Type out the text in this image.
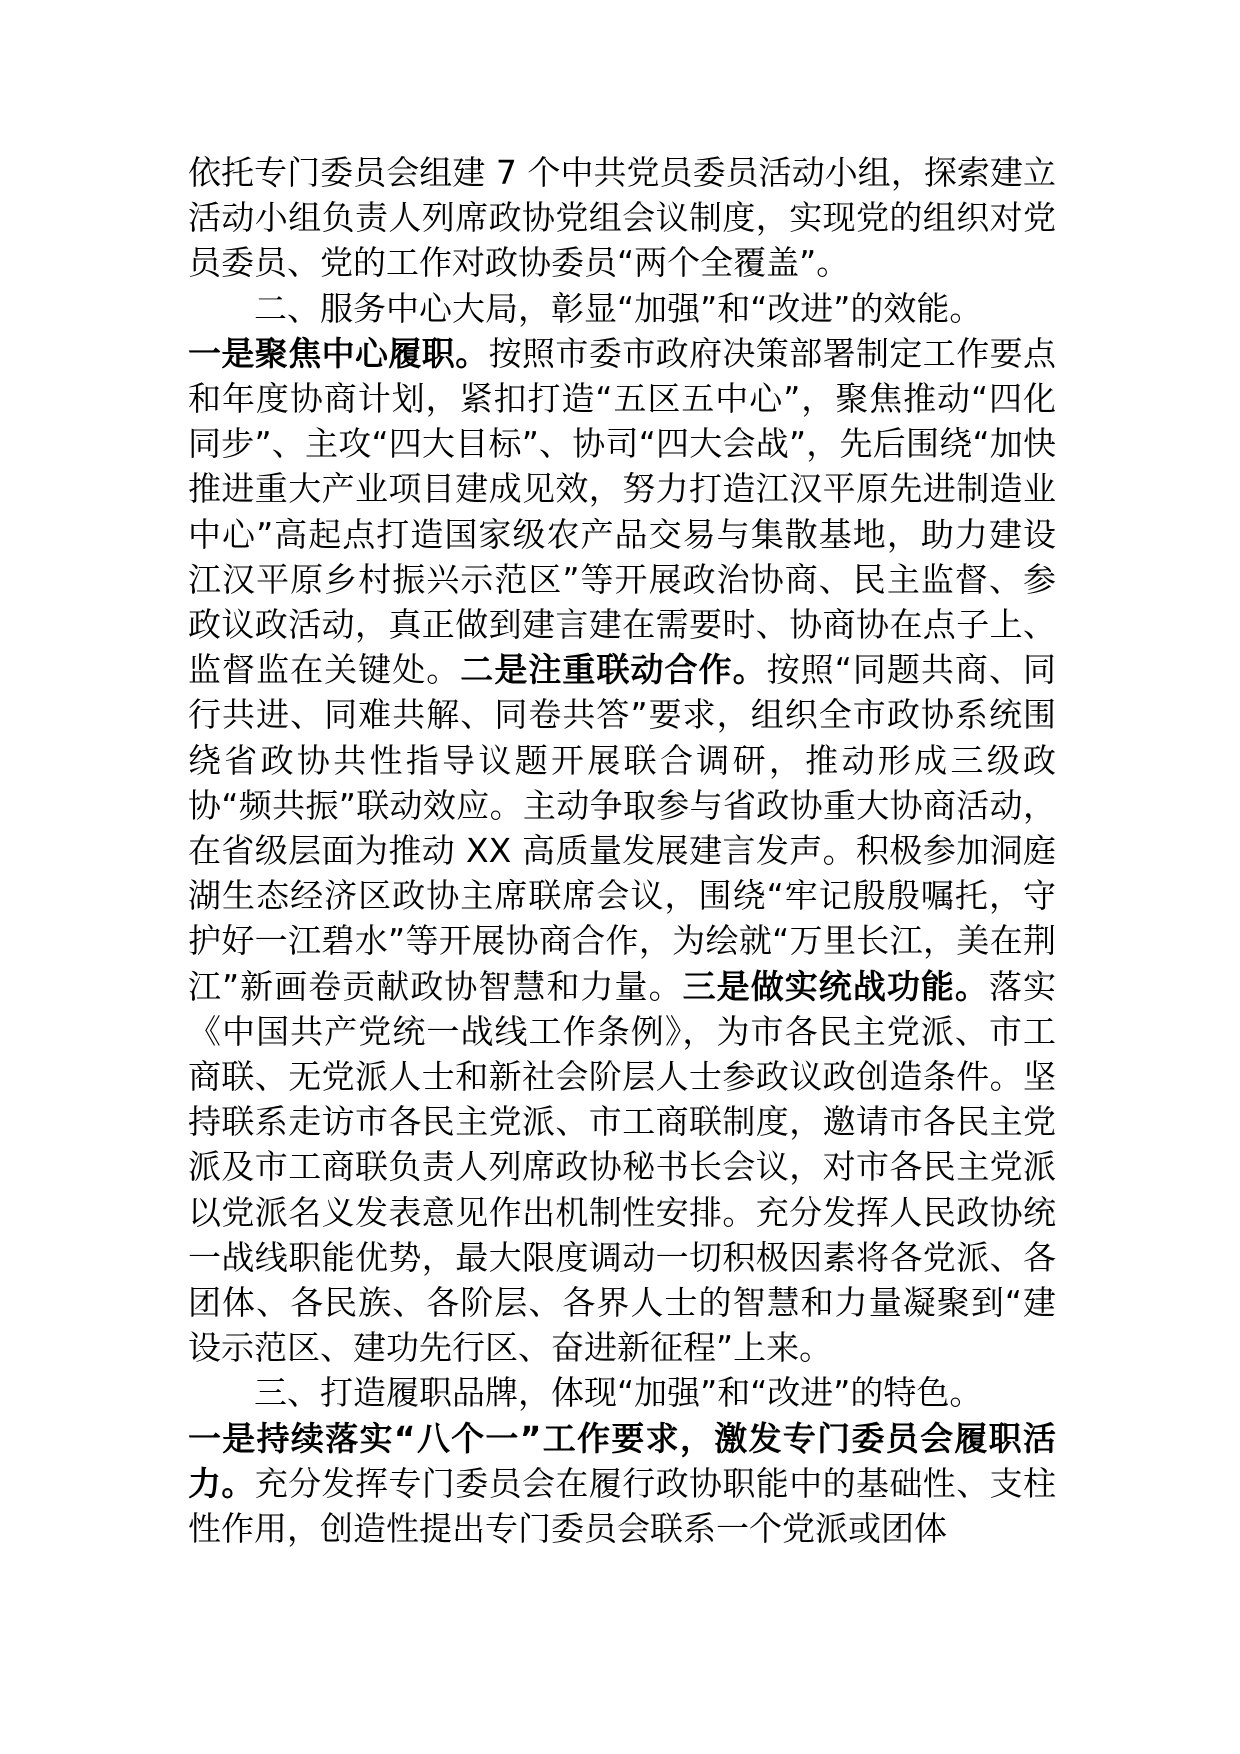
依托专门委员会组建 7 个中共党员委员活动小组，探索建立活动小组负责人列席政协党组会议制度，实现党的组织对党员委员、党的工作对政协委员“两个全覆盖”。

二、服务中心大局，彰显“加强”和“改进”的效能。

一是聚焦中心履职。按照市委市政府决策部署制定工作要点和年度协商计划，紧扣打造“五区五中心”，聚焦推动“四化同步”、主攻“四大目标”、协司“四大会战”，先后围绕“加快推进重大产业项目建成见效，努力打造江汉平原先进制造业中心”高起点打造国家级农产品交易与集散基地，助力建设江汉平原乡村振兴示范区”等开展政治协商、民主监督、参政议政活动，真正做到建言建在需要时、协商协在点子上、监督监在关键处。二是注重联动合作。按照“同题共商、同行共进、同难共解、同卷共答”要求，组织全市政协系统围绕省政协共性指导议题开展联合调研，推动形成三级政协“频共振”联动效应。主动争取参与省政协重大协商活动，在省级层面为推动 XX 高质量发展建言发声。积极参加洞庭湖生态经济区政协主席联席会议，围绕“牢记殷殷嘱托，守护好一江碧水”等开展协商合作，为绘就“万里长江，美在荆江”新画卷贡献政协智慧和力量。三是做实统战功能。落实《中国共产党统一战线工作条例》，为市各民主党派、市工商联、无党派人士和新社会阶层人士参政议政创造条件。坚持联系走访市各民主党派、市工商联制度，邀请市各民主党派及市工商联负责人列席政协秘书长会议，对市各民主党派以党派名义发表意见作出机制性安排。充分发挥人民政协统一战线职能优势，最大限度调动一切积极因素将各党派、各团体、各民族、各阶层、各界人士的智慧和力量凝聚到“建设示范区、建功先行区、奋进新征程”上来。

三、打造履职品牌，体现“加强”和“改进”的特色。

一是持续落实“八个一”工作要求，激发专门委员会履职活力。充分发挥专门委员会在履行政协职能中的基础性、支柱性作用，创造性提出专门委员会联系一个党派或团体
